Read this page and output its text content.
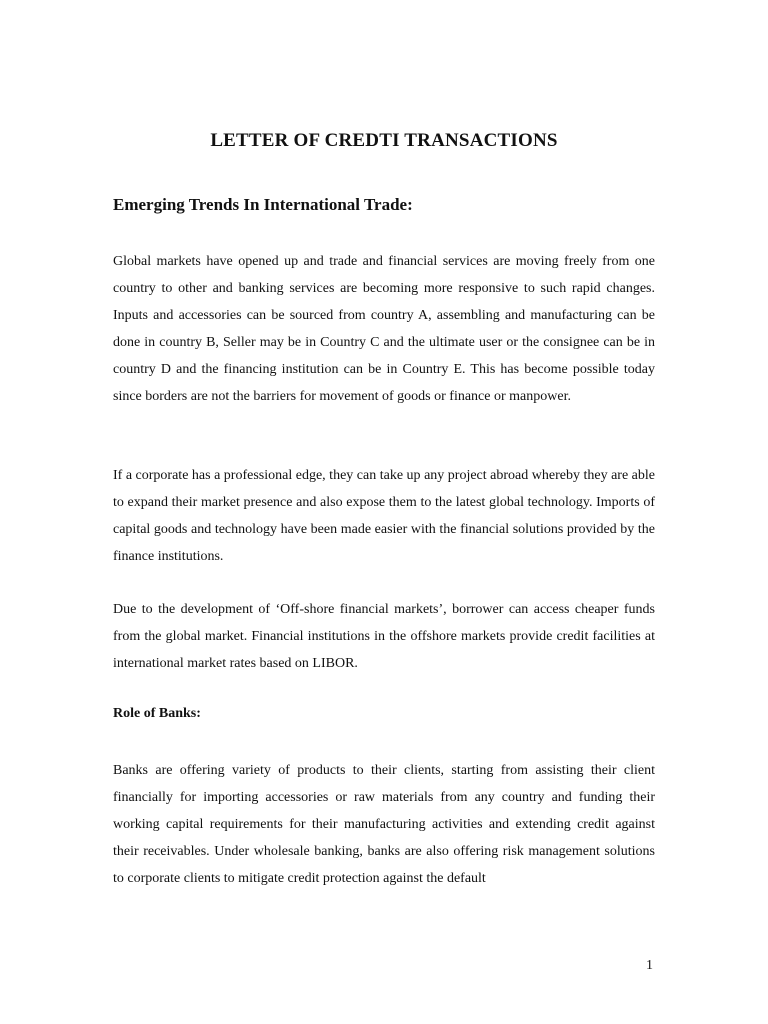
LETTER OF CREDTI TRANSACTIONS
Emerging Trends In International Trade:

Global markets have opened up and trade and financial services are moving freely from one country to other and banking services are becoming more responsive to such rapid changes. Inputs and accessories can be sourced from country A, assembling and manufacturing can be done in country B, Seller may be in Country C and the ultimate user or the consignee can be in country D and the financing institution can be in Country E. This has become possible today since borders are not the barriers for movement of goods or finance or manpower.

If a corporate has a professional edge, they can take up any project abroad whereby they are able to expand their market presence and also expose them to the latest global technology. Imports of capital goods and technology have been made easier with the financial solutions provided by the finance institutions.

Due to the development of ‘Off-shore financial markets’, borrower can access cheaper funds from the global market. Financial institutions in the offshore markets provide credit facilities at international market rates based on LIBOR.

Role of Banks:

Banks are offering variety of products to their clients, starting from assisting their client financially for importing accessories or raw materials from any country and funding their working capital requirements for their manufacturing activities and extending credit against their receivables. Under wholesale banking, banks are also offering risk management solutions to corporate clients to mitigate credit protection against the default

1
